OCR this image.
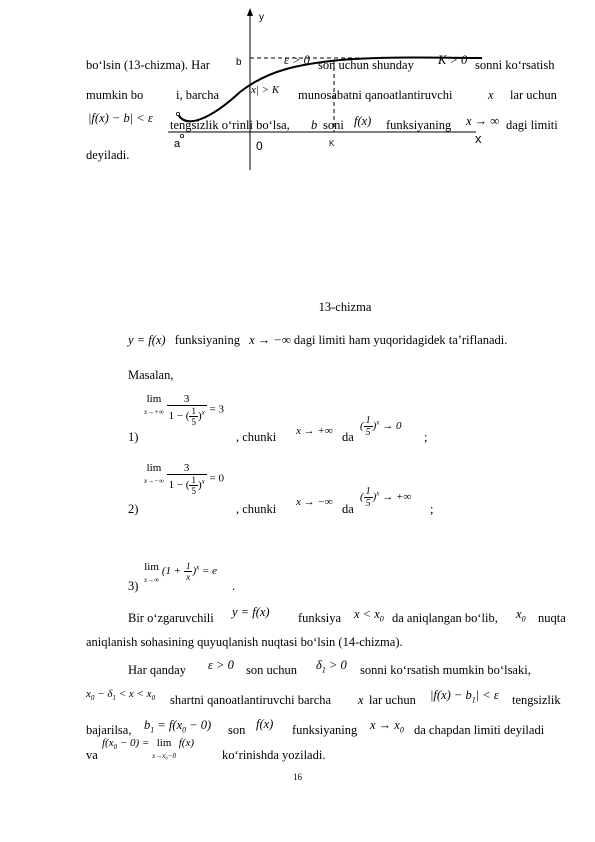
y
b
x
a	0	K
bo‘lsin (13-chizma). Har	ε > 0 son uchun shunday K > 0 sonni ko‘rsatish
mumkin bo	i, barcha	|x| > K munosabatni qanoatlantiruvchi	x lar uchun
|f(x) − b| < ε tengsizlik o‘rinli bo‘lsa, b soni f(x) funksiyaning x → ∞ dagi limiti
deyiladi.
13-chizma
y = f(x) funksiyaning x → −∞ dagi limiti ham yuqoridagidek ta’riflanadi.
Masalan,
1)
lim
$x\to+\infty \frac{3}{1 - ( \frac{1}{5} )^x} = 3$
, chunki x → +∞ da
( $\frac{1}{5} )^x \to 0$
;
2)
lim
$x\to-\infty \frac{3}{1 - ( \frac{1}{5} )^x} = 0$
, chunki x → −∞ da
( $\frac{1}{5} )^x$ → +∞
;
3)
lim
x→∞ $(1 + \frac{1}{x} )^x = e$
.
Bir o‘zgaruvchili y = f(x) funksiya $x < x_0$ da aniqlangan bo‘lib, $x_0$ nuqta
aniqlanish sohasining quyuqlanish nuqtasi bo‘lsin (14-chizma).
Har qanday ε > 0 son uchun $\delta_1 > 0$ sonni ko‘rsatish mumkin bo‘lsaki,
$x_0 - \delta_1 < x < x_0$ shartni qanoatlantiruvchi barcha x lar uchun $|f(x) - b_1| < \varepsilon$ tengsizlik
bajarilsa, $b_1 = f(x_0 - 0)$ son f(x) funksiyaning $x \to x_0$ da chapdan limiti deyiladi
va
$f(x_0 - 0) = \lim$
x→x₀−0 f(x)
ko‘rinishda yoziladi.
16
